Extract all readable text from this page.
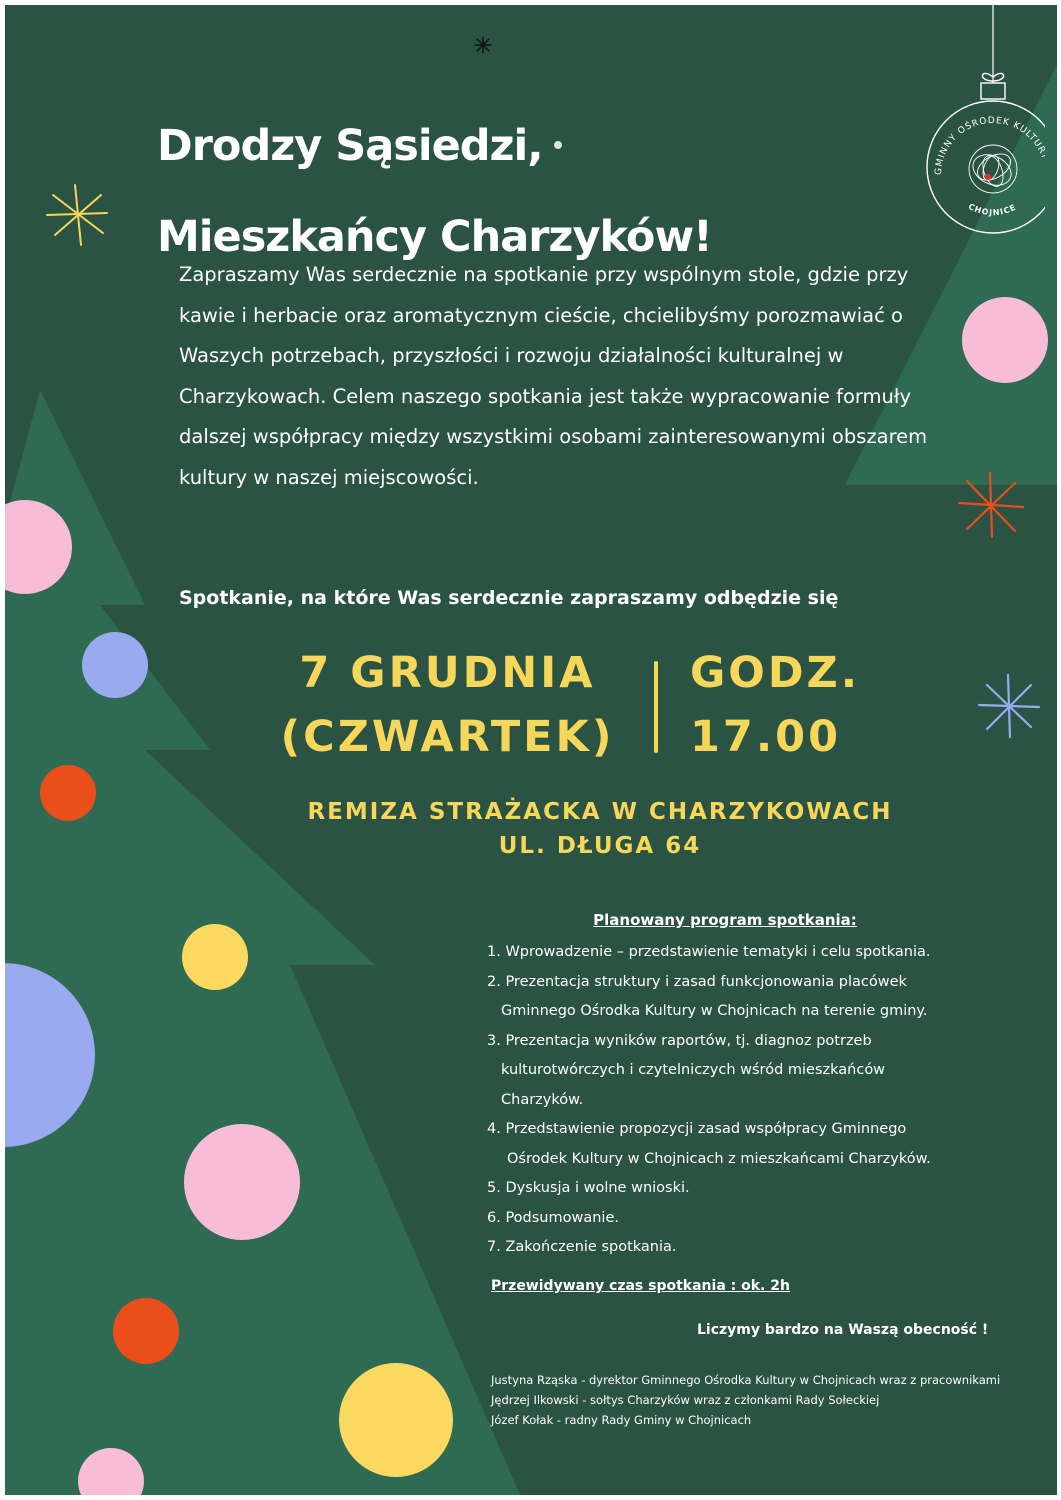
GMINNY OŚRODEK KULTU
CHOJNICE
Drodzy Sąsiedzi,
Mieszkańcy Charzyków!

Zapraszamy Was serdecznie na spotkanie przy wspólnym stole, gdzie przy kawie i herbacie oraz aromatycznym cieście, chcielibyśmy porozmawiać o Waszych potrzebach, przyszłości i rozwoju działalności kulturalnej w Charzykowach. Celem naszego spotkania jest także wypracowanie formuły dalszej współpracy między wszystkimi osobami zainteresowanymi obszarem kultury w naszej miejscowości.

Spotkanie, na które Was serdecznie zapraszamy odbędzie się

7 GRUDNIA
(CZWARTEK)
GODZ.
17.00
REMIZA STRAŻACKA W CHARZYKOWACH
UL. DŁUGA 64
Planowany program spotkania:
1. Wprowadzenie – przedstawienie tematyki i celu spotkania.
2. Prezentacja struktury i zasad funkcjonowania placówek
Gminnego Ośrodka Kultury w Chojnicach na terenie gminy.
3. Prezentacja wyników raportów, tj. diagnoz potrzeb
kulturotwórczych i czytelniczych wśród mieszkańców
Charzyków.
4. Przedstawienie propozycji zasad współpracy Gminnego
Ośrodek Kultury w Chojnicach z mieszkańcami Charzyków.
5. Dyskusja i wolne wnioski.
6. Podsumowanie.
7. Zakończenie spotkania.
Przewidywany czas spotkania : ok. 2h
Liczymy bardzo na Waszą obecność !
Justyna Rząska - dyrektor Gminnego Ośrodka Kultury w Chojnicach wraz z pracownikami
Jędrzej Ilkowski - sołtys Charzyków wraz z członkami Rady Sołeckiej
Józef Kołak - radny Rady Gminy w Chojnicach
